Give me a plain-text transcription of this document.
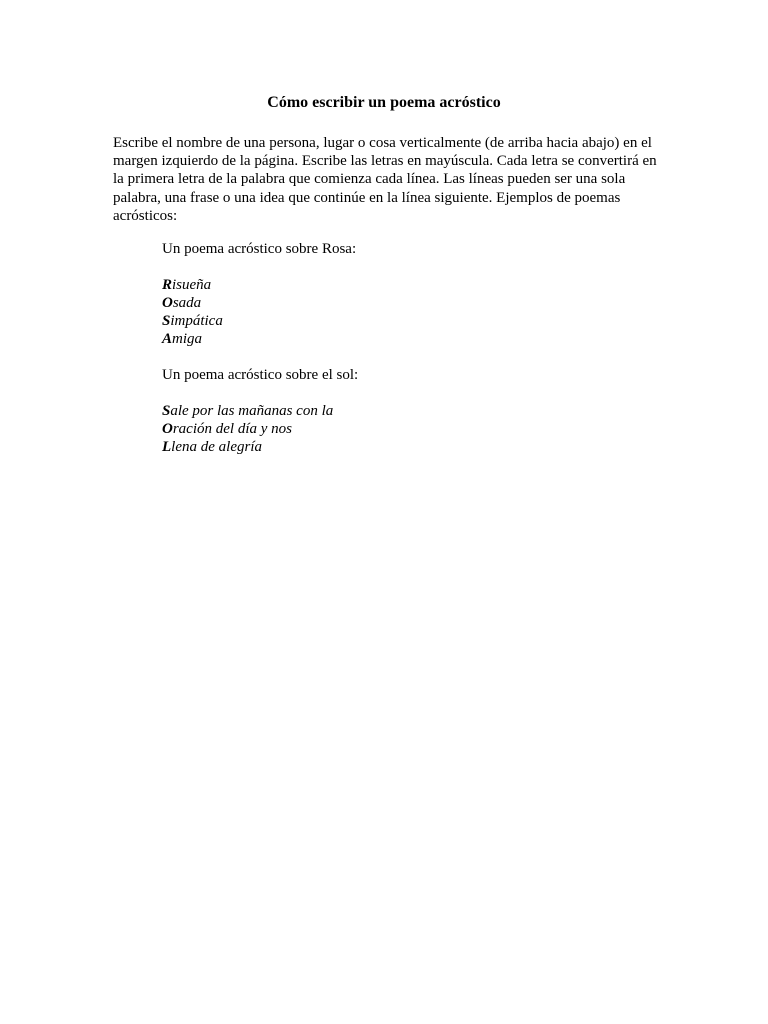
Cómo escribir un poema acróstico

Escribe el nombre de una persona, lugar o cosa verticalmente (de arriba hacia abajo) en el margen izquierdo de la página. Escribe las letras en mayúscula. Cada letra se convertirá en la primera letra de la palabra que comienza cada línea. Las líneas pueden ser una sola palabra, una frase o una idea que continúe en la línea siguiente. Ejemplos de poemas acrósticos:

Un poema acróstico sobre Rosa:

Risueña
Osada
Simpática
Amiga

Un poema acróstico sobre el sol:

Sale por las mañanas con la
Oración del día y nos
Llena de alegría
